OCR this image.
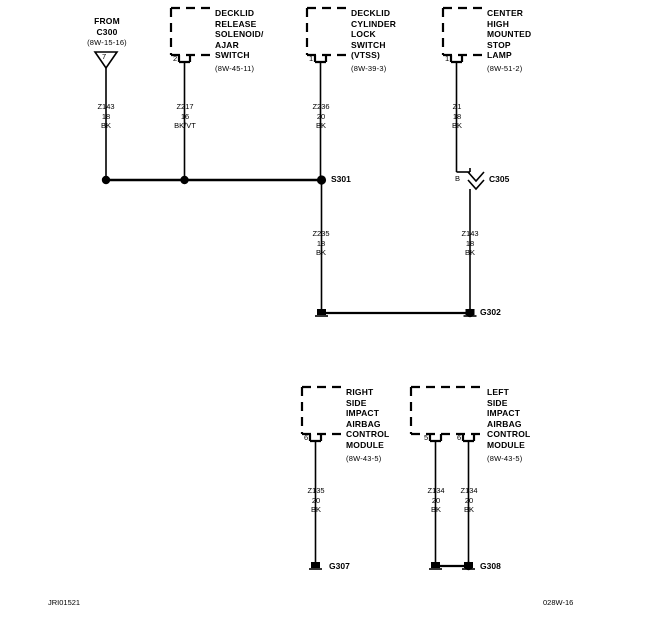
FROM
C300
(8W-15-16)
7
DECKLID
RELEASE
SOLENOID/
AJAR
SWITCH
(8W-45-11)
2
DECKLID
CYLINDER
LOCK
SWITCH
(VTSS)
(8W-39-3)
1
CENTER
HIGH
MOUNTED
STOP
LAMP
(8W-51-2)
1
RIGHT
SIDE
IMPACT
AIRBAG
CONTROL
MODULE
(8W-43-5)
6
LEFT
SIDE
IMPACT
AIRBAG
CONTROL
MODULE
(8W-43-5)
5	6
Z143
18
BK
Z217
16
BK/VT
Z236
20
BK
Z1
18
BK
Z235
18
BK
Z143
18
BK
Z135
20
BK
Z134
20
BK
Z134
20
BK
S301	C305
B
G302
G307	G308
JRI01521	028W-16
